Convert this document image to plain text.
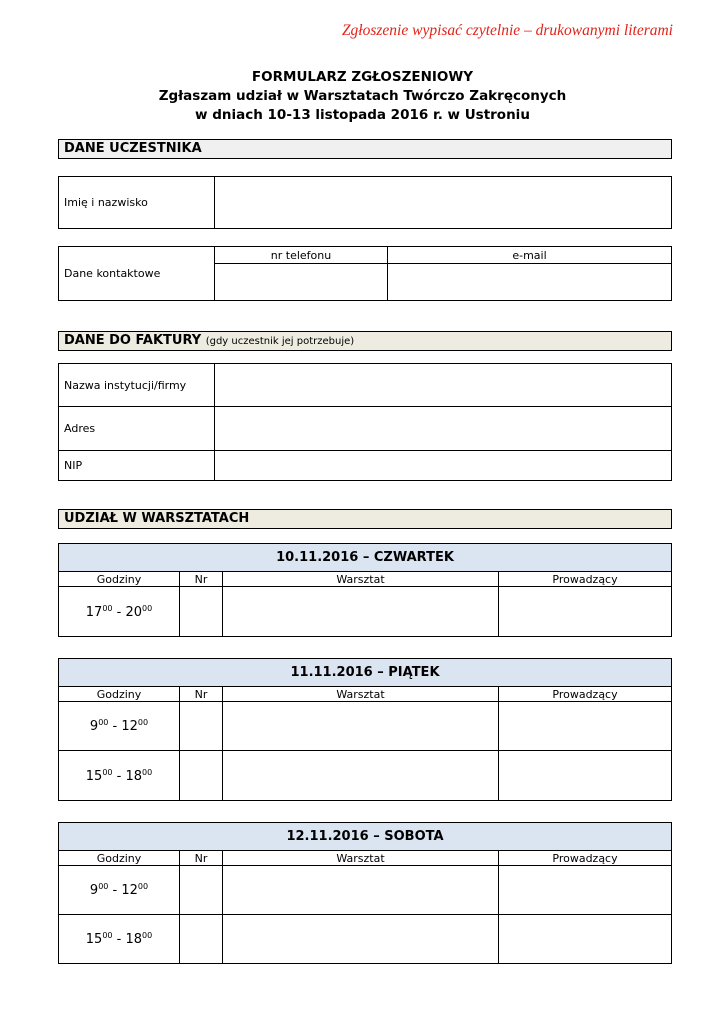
Zgłoszenie wypisać czytelnie – drukowanymi literami
FORMULARZ ZGŁOSZENIOWY
Zgłaszam udział w Warsztatach Twórczo Zakręconych
w dniach 10-13 listopada 2016 r. w Ustroniu
DANE UCZESTNIKA
Imię i nazwisko	
Dane kontaktowe	nr telefonu	e-mail

DANE DO FAKTURY (gdy uczestnik jej potrzebuje)
Nazwa instytucji/firmy	
Adres	
NIP	
UDZIAŁ W WARSZTATACH
10.11.2016 – CZWARTEK			
Godziny	Nr	Warsztat	Prowadzący
$17^{00} - 20^{00}$			
11.11.2016 – PIĄTEK			
Godziny	Nr	Warsztat	Prowadzący
$9^{00} - 12^{00}$			
$15^{00} - 18^{00}$			
12.11.2016 – SOBOTA			
Godziny	Nr	Warsztat	Prowadzący
$9^{00} - 12^{00}$			
$15^{00} - 18^{00}$			
